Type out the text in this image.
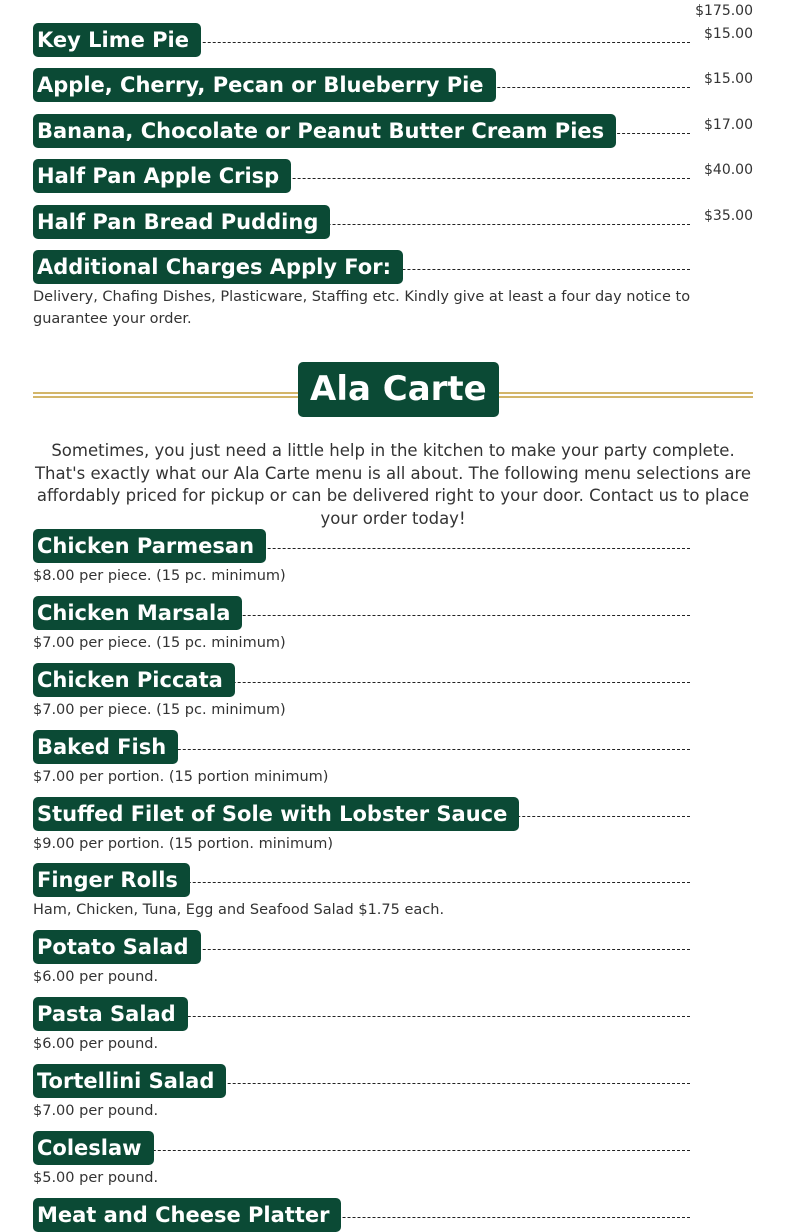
$175.00
Key Lime Pie	$15.00
Apple, Cherry, Pecan or Blueberry Pie	$15.00
Banana, Chocolate or Peanut Butter Cream Pies	$17.00
Half Pan Apple Crisp	$40.00
Half Pan Bread Pudding	$35.00
Additional Charges Apply For:
Delivery, Chafing Dishes, Plasticware, Staffing etc. Kindly give at least a four day notice to guarantee your order.
Ala Carte
Sometimes, you just need a little help in the kitchen to make your party complete. That's exactly what our Ala Carte menu is all about. The following menu selections are affordably priced for pickup or can be delivered right to your door. Contact us to place your order today!
Chicken Parmesan
$8.00 per piece. (15 pc. minimum)
Chicken Marsala
$7.00 per piece. (15 pc. minimum)
Chicken Piccata
$7.00 per piece. (15 pc. minimum)
Baked Fish
$7.00 per portion. (15 portion minimum)
Stuffed Filet of Sole with Lobster Sauce
$9.00 per portion. (15 portion. minimum)
Finger Rolls
Ham, Chicken, Tuna, Egg and Seafood Salad $1.75 each.
Potato Salad
$6.00 per pound.
Pasta Salad
$6.00 per pound.
Tortellini Salad
$7.00 per pound.
Coleslaw
$5.00 per pound.
Meat and Cheese Platter
